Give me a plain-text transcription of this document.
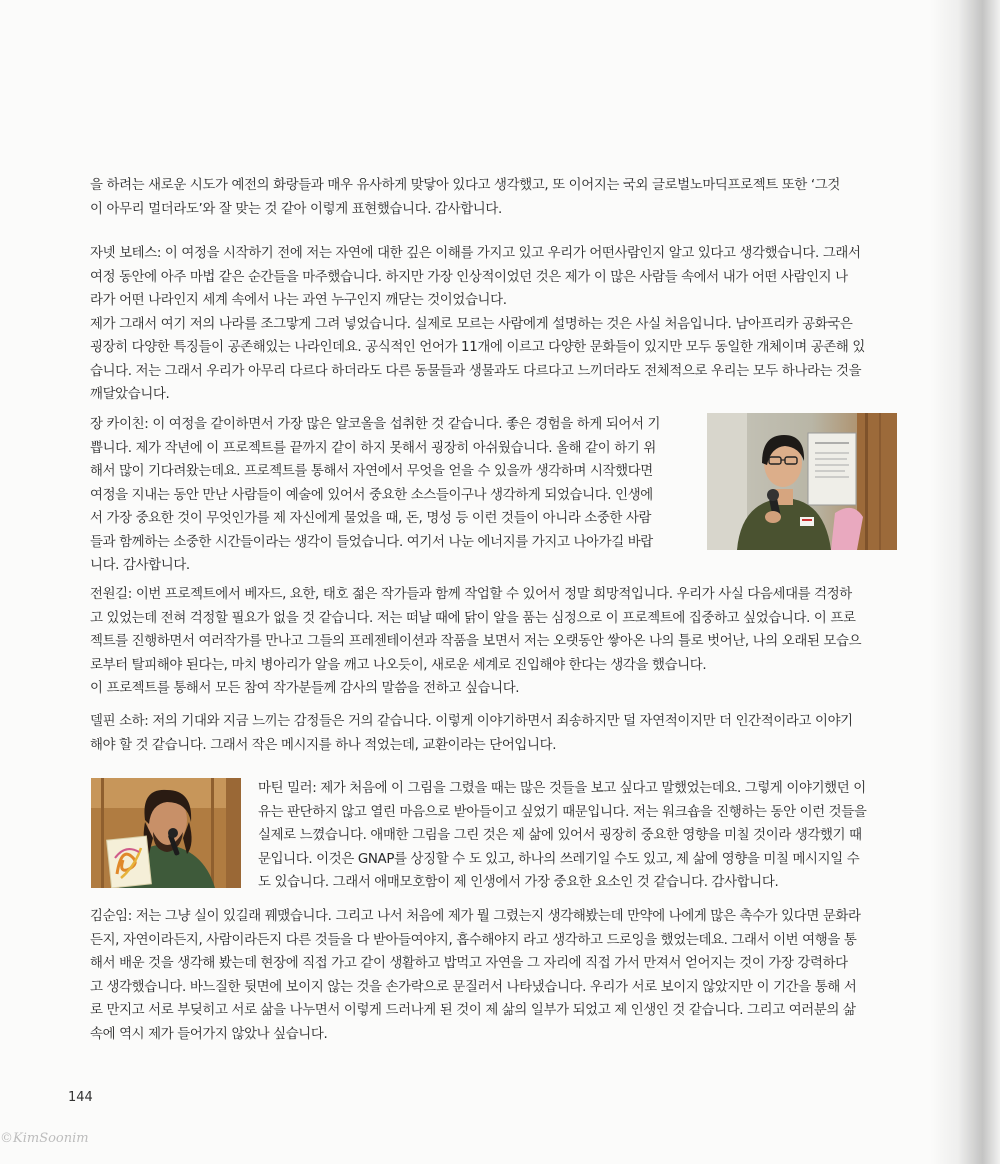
을 하려는 새로운 시도가 예전의 화랑들과 매우 유사하게 맞닿아 있다고 생각했고, 또 이어지는 국외 글로벌노마딕프로젝트 또한 ‘그것
이 아무리 멀더라도’와 잘 맞는 것 같아 이렇게 표현했습니다. 감사합니다.

자넷 보테스: 이 여정을 시작하기 전에 저는 자연에 대한 깊은 이해를 가지고 있고 우리가 어떤사람인지 알고 있다고 생각했습니다. 그래서
여정 동안에 아주 마법 같은 순간들을 마주했습니다. 하지만 가장 인상적이었던 것은 제가 이 많은 사람들 속에서 내가 어떤 사람인지 나
라가 어떤 나라인지 세계 속에서 나는 과연 누구인지 깨닫는 것이었습니다.
제가 그래서 여기 저의 나라를 조그맣게 그려 넣었습니다. 실제로 모르는 사람에게 설명하는 것은 사실 처음입니다. 남아프리카 공화국은
굉장히 다양한 특징들이 공존해있는 나라인데요. 공식적인 언어가 11개에 이르고 다양한 문화들이 있지만 모두 동일한 개체이며 공존해 있
습니다. 저는 그래서 우리가 아무리 다르다 하더라도 다른 동물들과 생물과도 다르다고 느끼더라도 전체적으로 우리는 모두 하나라는 것을
깨달았습니다.

장 카이친: 이 여정을 같이하면서 가장 많은 알코올을 섭취한 것 같습니다. 좋은 경험을 하게 되어서 기
쁩니다. 제가 작년에 이 프로젝트를 끝까지 같이 하지 못해서 굉장히 아쉬웠습니다. 올해 같이 하기 위
해서 많이 기다려왔는데요. 프로젝트를 통해서 자연에서 무엇을 얻을 수 있을까 생각하며 시작했다면
여정을 지내는 동안 만난 사람들이 예술에 있어서 중요한 소스들이구나 생각하게 되었습니다. 인생에
서 가장 중요한 것이 무엇인가를 제 자신에게 물었을 때, 돈, 명성 등 이런 것들이 아니라 소중한 사람
들과 함께하는 소중한 시간들이라는 생각이 들었습니다. 여기서 나눈 에너지를 가지고 나아가길 바랍
니다. 감사합니다.

전원길: 이번 프로젝트에서 베자드, 요한, 태호 젊은 작가들과 함께 작업할 수 있어서 정말 희망적입니다. 우리가 사실 다음세대를 걱정하
고 있었는데 전혀 걱정할 필요가 없을 것 같습니다. 저는 떠날 때에 닭이 알을 품는 심정으로 이 프로젝트에 집중하고 싶었습니다. 이 프로
젝트를 진행하면서 여러작가를 만나고 그들의 프레젠테이션과 작품을 보면서 저는 오랫동안 쌓아온 나의 틀로 벗어난, 나의 오래된 모습으
로부터 탈피해야 된다는, 마치 병아리가 알을 깨고 나오듯이, 새로운 세계로 진입해야 한다는 생각을 했습니다.
이 프로젝트를 통해서 모든 참여 작가분들께 감사의 말씀을 전하고 싶습니다.

델핀 소하: 저의 기대와 지금 느끼는 감정들은 거의 같습니다. 이렇게 이야기하면서 죄송하지만 덜 자연적이지만 더 인간적이라고 이야기
해야 할 것 같습니다. 그래서 작은 메시지를 하나 적었는데, 교환이라는 단어입니다.

마틴 밀러: 제가 처음에 이 그림을 그렸을 때는 많은 것들을 보고 싶다고 말했었는데요. 그렇게 이야기했던 이
유는 판단하지 않고 열린 마음으로 받아들이고 싶었기 때문입니다. 저는 워크숍을 진행하는 동안 이런 것들을
실제로 느꼈습니다. 애매한 그림을 그린 것은 제 삶에 있어서 굉장히 중요한 영향을 미칠 것이라 생각했기 때
문입니다. 이것은 GNAP를 상징할 수 도 있고, 하나의 쓰레기일 수도 있고, 제 삶에 영향을 미칠 메시지일 수
도 있습니다. 그래서 애매모호함이 제 인생에서 가장 중요한 요소인 것 같습니다. 감사합니다.

김순임: 저는 그냥 실이 있길래 꿰맸습니다. 그리고 나서 처음에 제가 뭘 그렸는지 생각해봤는데 만약에 나에게 많은 촉수가 있다면 문화라
든지, 자연이라든지, 사람이라든지 다른 것들을 다 받아들여야지, 흡수해야지 라고 생각하고 드로잉을 했었는데요. 그래서 이번 여행을 통
해서 배운 것을 생각해 봤는데 현장에 직접 가고 같이 생활하고 밥먹고 자연을 그 자리에 직접 가서 만져서 얻어지는 것이 가장 강력하다
고 생각했습니다. 바느질한 뒷면에 보이지 않는 것을 손가락으로 문질러서 나타냈습니다. 우리가 서로 보이지 않았지만 이 기간을 통해 서
로 만지고 서로 부딪히고 서로 삶을 나누면서 이렇게 드러나게 된 것이 제 삶의 일부가 되었고 제 인생인 것 같습니다. 그리고 여러분의 삶
속에 역시 제가 들어가지 않았나 싶습니다.

144
©KimSoonim
